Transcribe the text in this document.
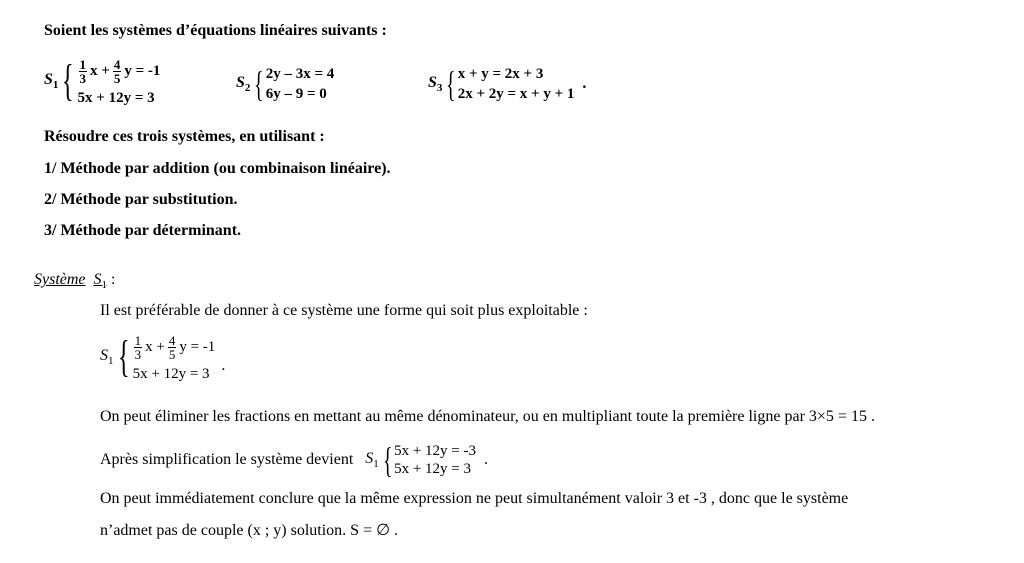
Soient les systèmes d’équations linéaires suivants :
$S_1$ { $\frac{1}{3}$ $x + \frac{4}{5}$ y = -1
5x + 12y = 3
$S_2$ { 2y – 3x = 4
6y – 9 = 0
$S_3$ { x + y = 2x + 3
2x + 2y = x + y + 1
.
Résoudre ces trois systèmes, en utilisant :
1/ Méthode par addition (ou combinaison linéaire).
2/ Méthode par substitution.
3/ Méthode par déterminant.
Système $S_1$ :
Il est préférable de donner à ce système une forme qui soit plus exploitable :
$S_1$ { $\frac{1}{3}$ $x + \frac{4}{5}$ y = -1
5x + 12y = 3 .
On peut éliminer les fractions en mettant au même dénominateur, ou en multipliant toute la première ligne par 3×5 = 15 .
Après simplification le système devient $S_1$ { 5x + 12y = -3
5x + 12y = 3
.
On peut immédiatement conclure que la même expression ne peut simultanément valoir 3 et -3 , donc que le système
n’admet pas de couple (x ; y) solution. S = ∅ .
